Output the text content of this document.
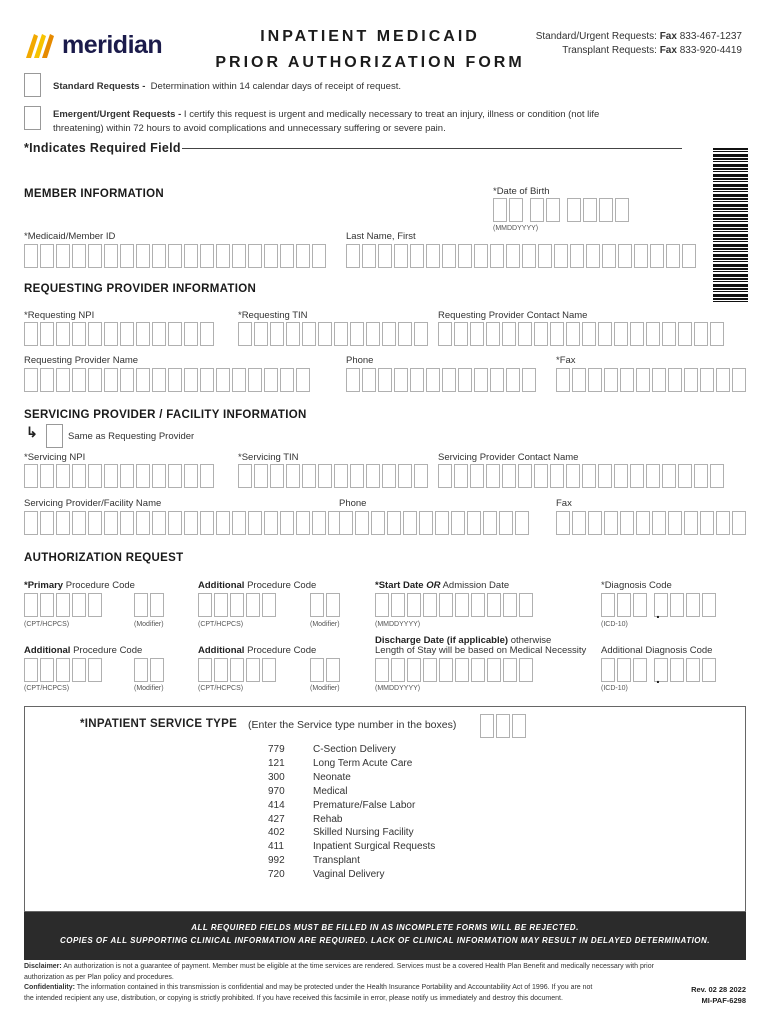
meridian	INPATIENT MEDICAID
PRIOR AUTHORIZATION FORM
Standard/Urgent Requests: Fax 833-467-1237
Transplant Requests: Fax 833-920-4419
Standard Requests - Determination within 14 calendar days of receipt of request.
Emergent/Urgent Requests - I certify this request is urgent and medically necessary to treat an injury, illness or condition (not life
threatening) within 72 hours to avoid complications and unnecessary suffering or severe pain.
*Indicates Required Field
MEMBER INFORMATION	*Date of Birth
(MMDDYYYY)
*Medicaid/Member ID	Last Name, First
REQUESTING PROVIDER INFORMATION
*Requesting NPI	*Requesting TIN	Requesting Provider Contact Name
Requesting Provider Name	Phone	*Fax
SERVICING PROVIDER / FACILITY INFORMATION
↳	Same as Requesting Provider
*Servicing NPI	*Servicing TIN	Servicing Provider Contact Name
Servicing Provider/Facility Name	Phone	Fax
AUTHORIZATION REQUEST
*Primary Procedure Code
(CPT/HCPCS)	(Modifier)
Additional Procedure Code
(CPT/HCPCS)	(Modifier)
*Start Date OR Admission Date
(MMDDYYYY)
*Diagnosis Code
.
(ICD-10)
Additional Procedure Code
(CPT/HCPCS)	(Modifier)
Additional Procedure Code
(CPT/HCPCS)	(Modifier)
Discharge Date (if applicable) otherwise
Length of Stay will be based on Medical Necessity
(MMDDYYYY)
Additional Diagnosis Code
.
(ICD-10)
*INPATIENT SERVICE TYPE (Enter the Service type number in the boxes)
779	C-Section Delivery
121	Long Term Acute Care
300	Neonate
970	Medical
414	Premature/False Labor
427	Rehab
402	Skilled Nursing Facility
411	Inpatient Surgical Requests
992	Transplant
720	Vaginal Delivery
ALL REQUIRED FIELDS MUST BE FILLED IN AS INCOMPLETE FORMS WILL BE REJECTED.
COPIES OF ALL SUPPORTING CLINICAL INFORMATION ARE REQUIRED. LACK OF CLINICAL INFORMATION MAY RESULT IN DELAYED DETERMINATION.
Disclaimer: An authorization is not a guarantee of payment. Member must be eligible at the time services are rendered. Services must be a covered Health Plan Benefit and medically necessary with prior
authorization as per Plan policy and procedures.
Confidentiality: The information contained in this transmission is confidential and may be protected under the Health Insurance Portability and Accountability Act of 1996. If you are not
the intended recipient any use, distribution, or copying is strictly prohibited. If you have received this facsimile in error, please notify us immediately and destroy this document.
Rev. 02 28 2022
MI-PAF-6298
